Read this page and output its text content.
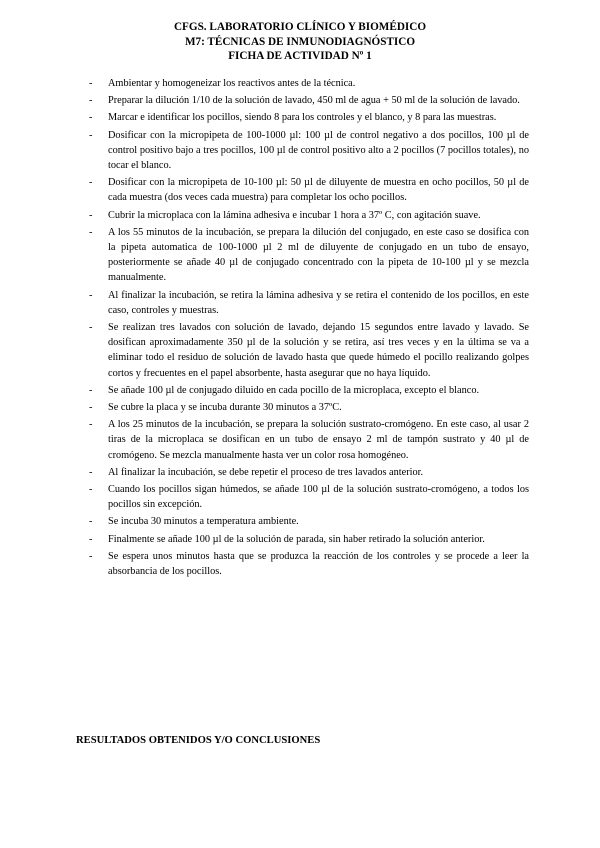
CFGS. LABORATORIO CLÍNICO Y BIOMÉDICO
M7: TÉCNICAS DE INMUNODIAGNÓSTICO
FICHA DE ACTIVIDAD Nº 1
- Ambientar y homogeneizar los reactivos antes de la técnica.
- Preparar la dilución 1/10 de la solución de lavado, 450 ml de agua + 50 ml de la solución de lavado.
- Marcar e identificar los pocillos, siendo 8 para los controles y el blanco, y 8 para las muestras.
- Dosificar con la micropipeta de 100-1000 µl: 100 µl de control negativo a dos pocillos, 100 µl de control positivo bajo a tres pocillos, 100 µl de control positivo alto a 2 pocillos (7 pocillos totales), no tocar el blanco.
- Dosificar con la micropipeta de 10-100 µl: 50 µl de diluyente de muestra en ocho pocillos, 50 µl de cada muestra (dos veces cada muestra) para completar los ocho pocillos.
- Cubrir la microplaca con la lámina adhesiva e incubar 1 hora a 37º C, con agitación suave.
- A los 55 minutos de la incubación, se prepara la dilución del conjugado, en este caso se dosifica con la pipeta automatica de 100-1000 µl 2 ml de diluyente de conjugado en un tubo de ensayo, posteriormente se añade 40 µl de conjugado concentrado con la pipeta de 10-100 µl y se mezcla manualmente.
- Al finalizar la incubación, se retira la lámina adhesiva y se retira el contenido de los pocillos, en este caso, controles y muestras.
- Se realizan tres lavados con solución de lavado, dejando 15 segundos entre lavado y lavado. Se dosifican aproximadamente 350 µl de la solución y se retira, así tres veces y en la última se va a eliminar todo el residuo de solución de lavado hasta que quede húmedo el pocillo realizando golpes cortos y frecuentes en el papel absorbente, hasta asegurar que no haya líquido.
- Se añade 100 µl de conjugado diluido en cada pocillo de la microplaca, excepto el blanco.
- Se cubre la placa y se incuba durante 30 minutos a 37ºC.
- A los 25 minutos de la incubación, se prepara la solución sustrato-cromógeno. En este caso, al usar 2 tiras de la microplaca se dosifican en un tubo de ensayo 2 ml de tampón sustrato y 40 µl de cromógeno. Se mezcla manualmente hasta ver un color rosa homogéneo.
- Al finalizar la incubación, se debe repetir el proceso de tres lavados anterior.
- Cuando los pocillos sigan húmedos, se añade 100 µl de la solución sustrato-cromógeno, a todos los pocillos sin excepción.
- Se incuba 30 minutos a temperatura ambiente.
- Finalmente se añade 100 µl de la solución de parada, sin haber retirado la solución anterior.
- Se espera unos minutos hasta que se produzca la reacción de los controles y se procede a leer la absorbancia de los pocillos.
RESULTADOS OBTENIDOS Y/O CONCLUSIONES
